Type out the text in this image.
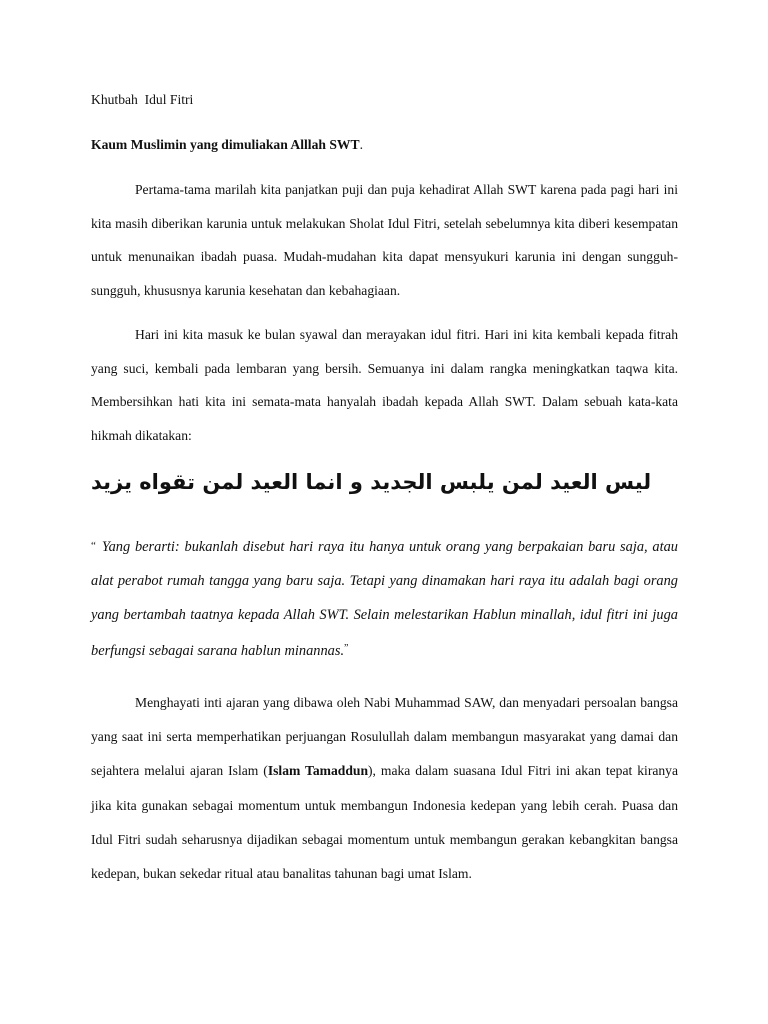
Khutbah  Idul Fitri
Kaum Muslimin yang dimuliakan Alllah SWT.

Pertama-tama marilah kita panjatkan puji dan puja kehadirat Allah SWT karena pada pagi hari ini kita masih diberikan karunia untuk melakukan Sholat Idul Fitri, setelah sebelumnya kita diberi kesempatan untuk menunaikan ibadah puasa. Mudah-mudahan kita dapat mensyukuri karunia ini dengan sungguh-sungguh, khususnya karunia kesehatan dan kebahagiaan.

Hari ini kita masuk ke bulan syawal dan merayakan idul fitri. Hari ini kita kembali kepada fitrah yang suci, kembali pada lembaran yang bersih. Semuanya ini dalam rangka meningkatkan taqwa kita. Membersihkan hati kita ini semata-mata hanyalah ibadah kepada Allah SWT. Dalam sebuah kata-kata hikmah dikatakan:

ليس العيد لمن يلبس الجديد و انما العيد لمن تقواه يزيد

“ Yang berarti: bukanlah disebut hari raya itu hanya untuk orang yang berpakaian baru saja, atau alat perabot rumah tangga yang baru saja. Tetapi yang dinamakan hari raya itu adalah bagi orang yang bertambah taatnya kepada Allah SWT. Selain melestarikan Hablun minallah, idul fitri ini juga berfungsi sebagai sarana hablun minannas.”

Menghayati inti ajaran yang dibawa oleh Nabi Muhammad SAW, dan menyadari persoalan bangsa yang saat ini serta memperhatikan perjuangan Rosulullah dalam membangun masyarakat yang damai dan sejahtera melalui ajaran Islam (Islam Tamaddun), maka dalam suasana Idul Fitri ini akan tepat kiranya jika kita gunakan sebagai momentum untuk membangun Indonesia kedepan yang lebih cerah. Puasa dan Idul Fitri sudah seharusnya dijadikan sebagai momentum untuk membangun gerakan kebangkitan bangsa kedepan, bukan sekedar ritual atau banalitas tahunan bagi umat Islam.
